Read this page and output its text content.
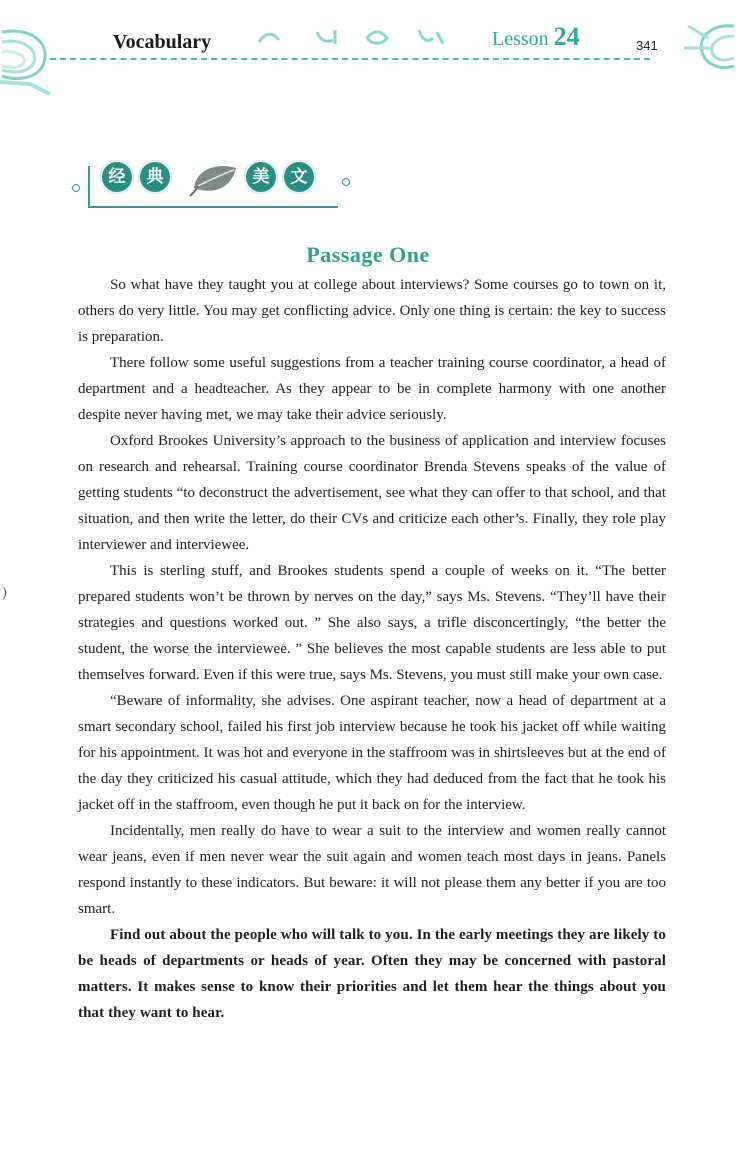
Vocabulary	Lesson 24	341
经	典	美	文
Passage One

So what have they taught you at college about interviews? Some courses go to town on it, others do very little. You may get conflicting advice. Only one thing is certain: the key to success is preparation.

There follow some useful suggestions from a teacher training course coordinator, a head of department and a headteacher. As they appear to be in complete harmony with one another despite never having met, we may take their advice seriously.

Oxford Brookes University’s approach to the business of application and interview focuses on research and rehearsal. Training course coordinator Brenda Stevens speaks of the value of getting students “to deconstruct the advertisement, see what they can offer to that school, and that situation, and then write the letter, do their CVs and criticize each other’s. Finally, they role play interviewer and interviewee.

This is sterling stuff, and Brookes students spend a couple of weeks on it. “The better prepared students won’t be thrown by nerves on the day,” says Ms. Stevens. “They’ll have their strategies and questions worked out. ” She also says, a trifle disconcertingly, “the better the student, the worse the interviewee. ” She believes the most capable students are less able to put themselves forward. Even if this were true, says Ms. Stevens, you must still make your own case.

“Beware of informality, she advises. One aspirant teacher, now a head of department at a smart secondary school, failed his first job interview because he took his jacket off while waiting for his appointment. It was hot and everyone in the staffroom was in shirtsleeves but at the end of the day they criticized his casual attitude, which they had deduced from the fact that he took his jacket off in the staffroom, even though he put it back on for the interview.

Incidentally, men really do have to wear a suit to the interview and women really cannot wear jeans, even if men never wear the suit again and women teach most days in jeans. Panels respond instantly to these indicators. But beware: it will not please them any better if you are too smart.

Find out about the people who will talk to you. In the early meetings they are likely to be heads of departments or heads of year. Often they may be concerned with pastoral matters. It makes sense to know their priorities and let them hear the things about you that they want to hear.
